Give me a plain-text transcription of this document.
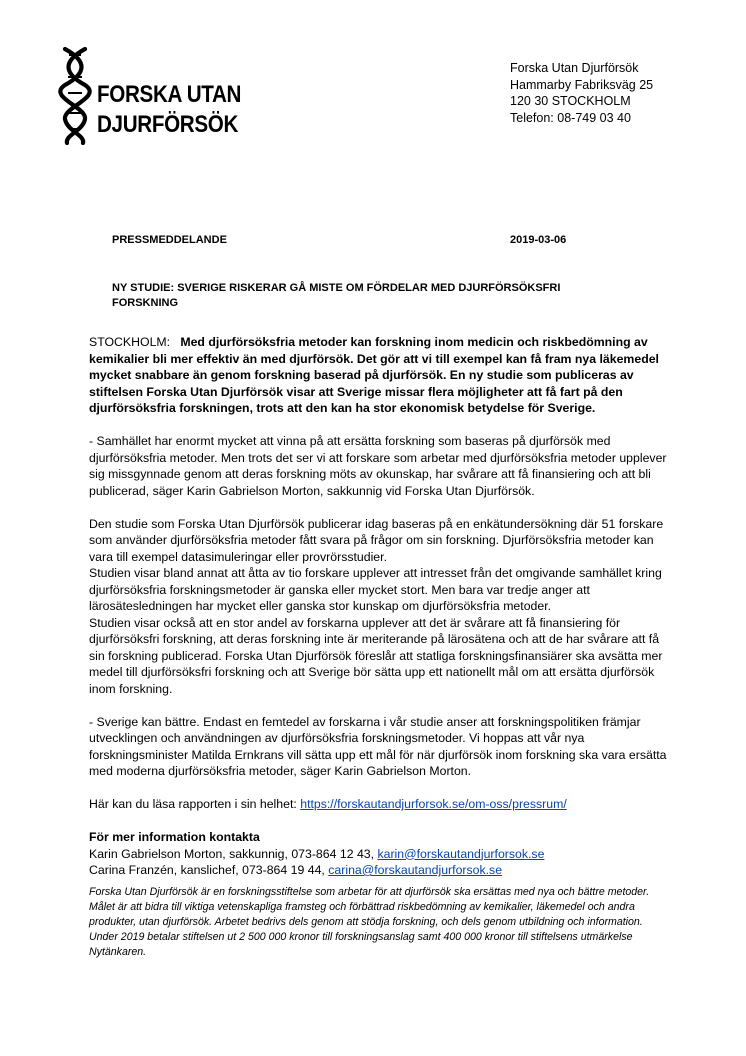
FORSKA UTAN
DJURFÖRSÖK
Forska Utan Djurförsök
Hammarby Fabriksväg 25
120 30 STOCKHOLM
Telefon: 08-749 03 40
PRESSMEDDELANDE	2019-03-06
NY STUDIE: SVERIGE RISKERAR GÅ MISTE OM FÖRDELAR MED DJURFÖRSÖKSFRI FORSKNING

STOCKHOLM: Med djurförsöksfria metoder kan forskning inom medicin och riskbedömning av kemikalier bli mer effektiv än med djurförsök. Det gör att vi till exempel kan få fram nya läkemedel mycket snabbare än genom forskning baserad på djurförsök. En ny studie som publiceras av stiftelsen Forska Utan Djurförsök visar att Sverige missar flera möjligheter att få fart på den djurförsöksfria forskningen, trots att den kan ha stor ekonomisk betydelse för Sverige.

- Samhället har enormt mycket att vinna på att ersätta forskning som baseras på djurförsök med djurförsöksfria metoder. Men trots det ser vi att forskare som arbetar med djurförsöksfria metoder upplever sig missgynnade genom att deras forskning möts av okunskap, har svårare att få finansiering och att bli publicerad, säger Karin Gabrielson Morton, sakkunnig vid Forska Utan Djurförsök.

Den studie som Forska Utan Djurförsök publicerar idag baseras på en enkätundersökning där 51 forskare som använder djurförsöksfria metoder fått svara på frågor om sin forskning. Djurförsöksfria metoder kan vara till exempel datasimuleringar eller provrörsstudier.

Studien visar bland annat att åtta av tio forskare upplever att intresset från det omgivande samhället kring djurförsöksfria forskningsmetoder är ganska eller mycket stort. Men bara var tredje anger att lärosätesledningen har mycket eller ganska stor kunskap om djurförsöksfria metoder.

Studien visar också att en stor andel av forskarna upplever att det är svårare att få finansiering för djurförsöksfri forskning, att deras forskning inte är meriterande på lärosätena och att de har svårare att få sin forskning publicerad. Forska Utan Djurförsök föreslår att statliga forskningsfinansiärer ska avsätta mer medel till djurförsöksfri forskning och att Sverige bör sätta upp ett nationellt mål om att ersätta djurförsök inom forskning.

- Sverige kan bättre. Endast en femtedel av forskarna i vår studie anser att forskningspolitiken främjar utvecklingen och användningen av djurförsöksfria forskningsmetoder. Vi hoppas att vår nya forskningsminister Matilda Ernkrans vill sätta upp ett mål för när djurförsök inom forskning ska vara ersätta med moderna djurförsöksfria metoder, säger Karin Gabrielson Morton.

Här kan du läsa rapporten i sin helhet: https://forskautandjurforsok.se/om-oss/pressrum/

För mer information kontakta
Karin Gabrielson Morton, sakkunnig, 073-864 12 43, karin@forskautandjurforsok.se
Carina Franzén, kanslichef, 073-864 19 44, carina@forskautandjurforsok.se
Forska Utan Djurförsök är en forskningsstiftelse som arbetar för att djurförsök ska ersättas med nya och bättre metoder. Målet är att bidra till viktiga vetenskapliga framsteg och förbättrad riskbedömning av kemikalier, läkemedel och andra produkter, utan djurförsök. Arbetet bedrivs dels genom att stödja forskning, och dels genom utbildning och information. Under 2019 betalar stiftelsen ut 2 500 000 kronor till forskningsanslag samt 400 000 kronor till stiftelsens utmärkelse Nytänkaren.
